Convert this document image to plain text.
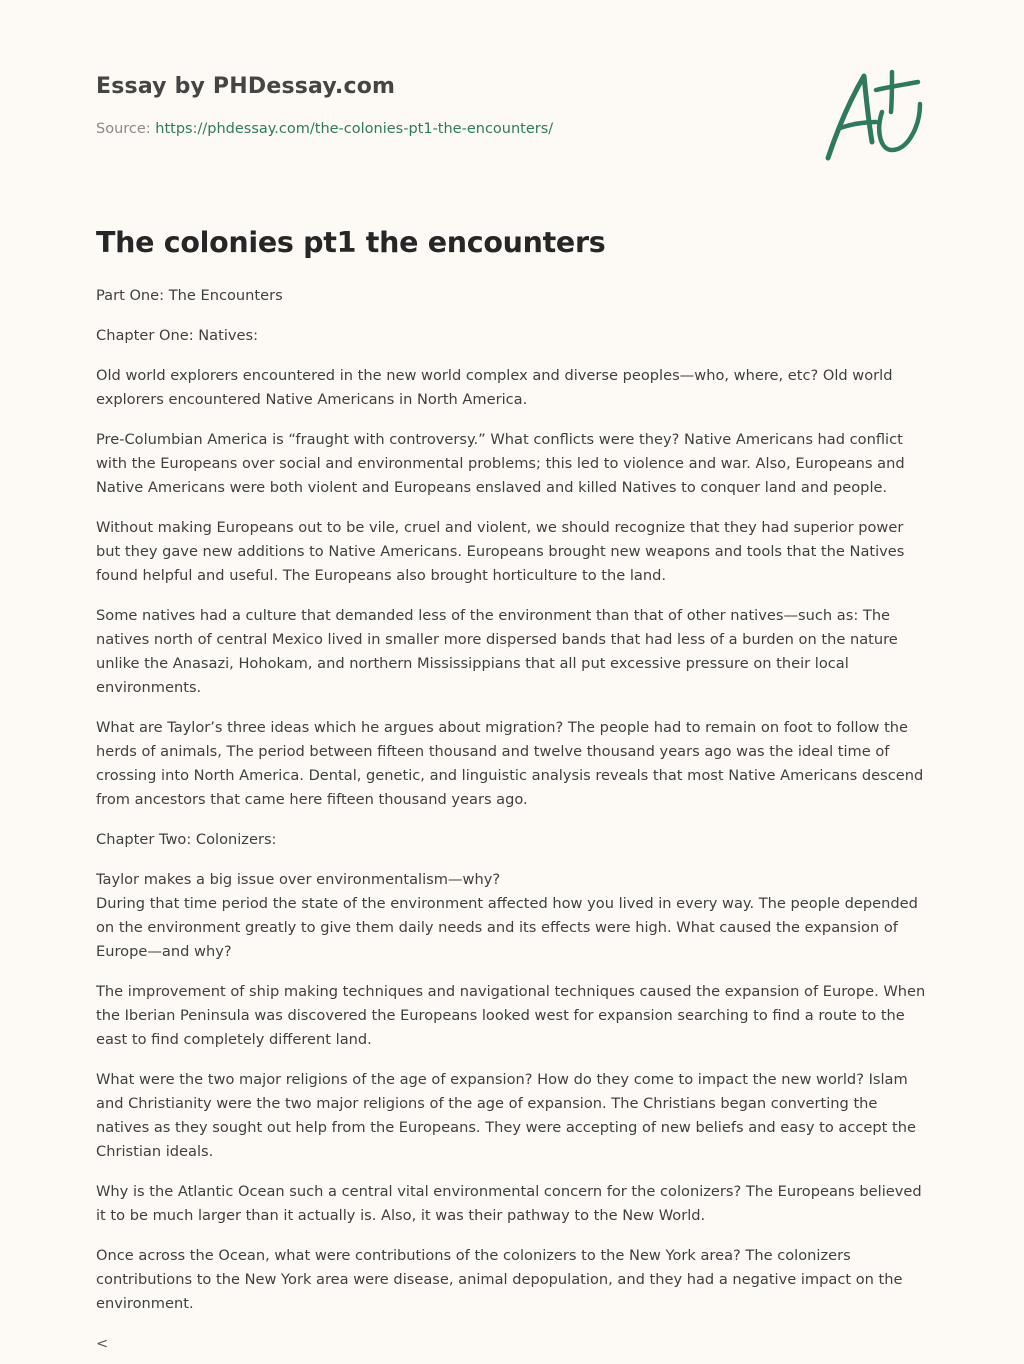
Essay by PHDessay.com
Source: https://phdessay.com/the-colonies-pt1-the-encounters/
The colonies pt1 the encounters

Part One: The Encounters

Chapter One: Natives:

Old world explorers encountered in the new world complex and diverse peoples—who, where, etc? Old world explorers encountered Native Americans in North America.

Pre-Columbian America is “fraught with controversy.” What conflicts were they? Native Americans had conflict with the Europeans over social and environmental problems; this led to violence and war. Also, Europeans and Native Americans were both violent and Europeans enslaved and killed Natives to conquer land and people.

Without making Europeans out to be vile, cruel and violent, we should recognize that they had superior power but they gave new additions to Native Americans. Europeans brought new weapons and tools that the Natives found helpful and useful. The Europeans also brought horticulture to the land.

Some natives had a culture that demanded less of the environment than that of other natives—such as: The natives north of central Mexico lived in smaller more dispersed bands that had less of a burden on the nature unlike the Anasazi, Hohokam, and northern Mississippians that all put excessive pressure on their local environments.

What are Taylor’s three ideas which he argues about migration? The people had to remain on foot to follow the herds of animals, The period between fifteen thousand and twelve thousand years ago was the ideal time of crossing into North America. Dental, genetic, and linguistic analysis reveals that most Native Americans descend from ancestors that came here fifteen thousand years ago.

Chapter Two: Colonizers:

Taylor makes a big issue over environmentalism—why?
During that time period the state of the environment affected how you lived in every way. The people depended on the environment greatly to give them daily needs and its effects were high. What caused the expansion of Europe—and why?

The improvement of ship making techniques and navigational techniques caused the expansion of Europe. When the Iberian Peninsula was discovered the Europeans looked west for expansion searching to find a route to the east to find completely different land.

What were the two major religions of the age of expansion? How do they come to impact the new world? Islam and Christianity were the two major religions of the age of expansion. The Christians began converting the natives as they sought out help from the Europeans. They were accepting of new beliefs and easy to accept the Christian ideals.

Why is the Atlantic Ocean such a central vital environmental concern for the colonizers? The Europeans believed it to be much larger than it actually is. Also, it was their pathway to the New World.

Once across the Ocean, what were contributions of the colonizers to the New York area? The colonizers contributions to the New York area were disease, animal depopulation, and they had a negative impact on the environment.

<
